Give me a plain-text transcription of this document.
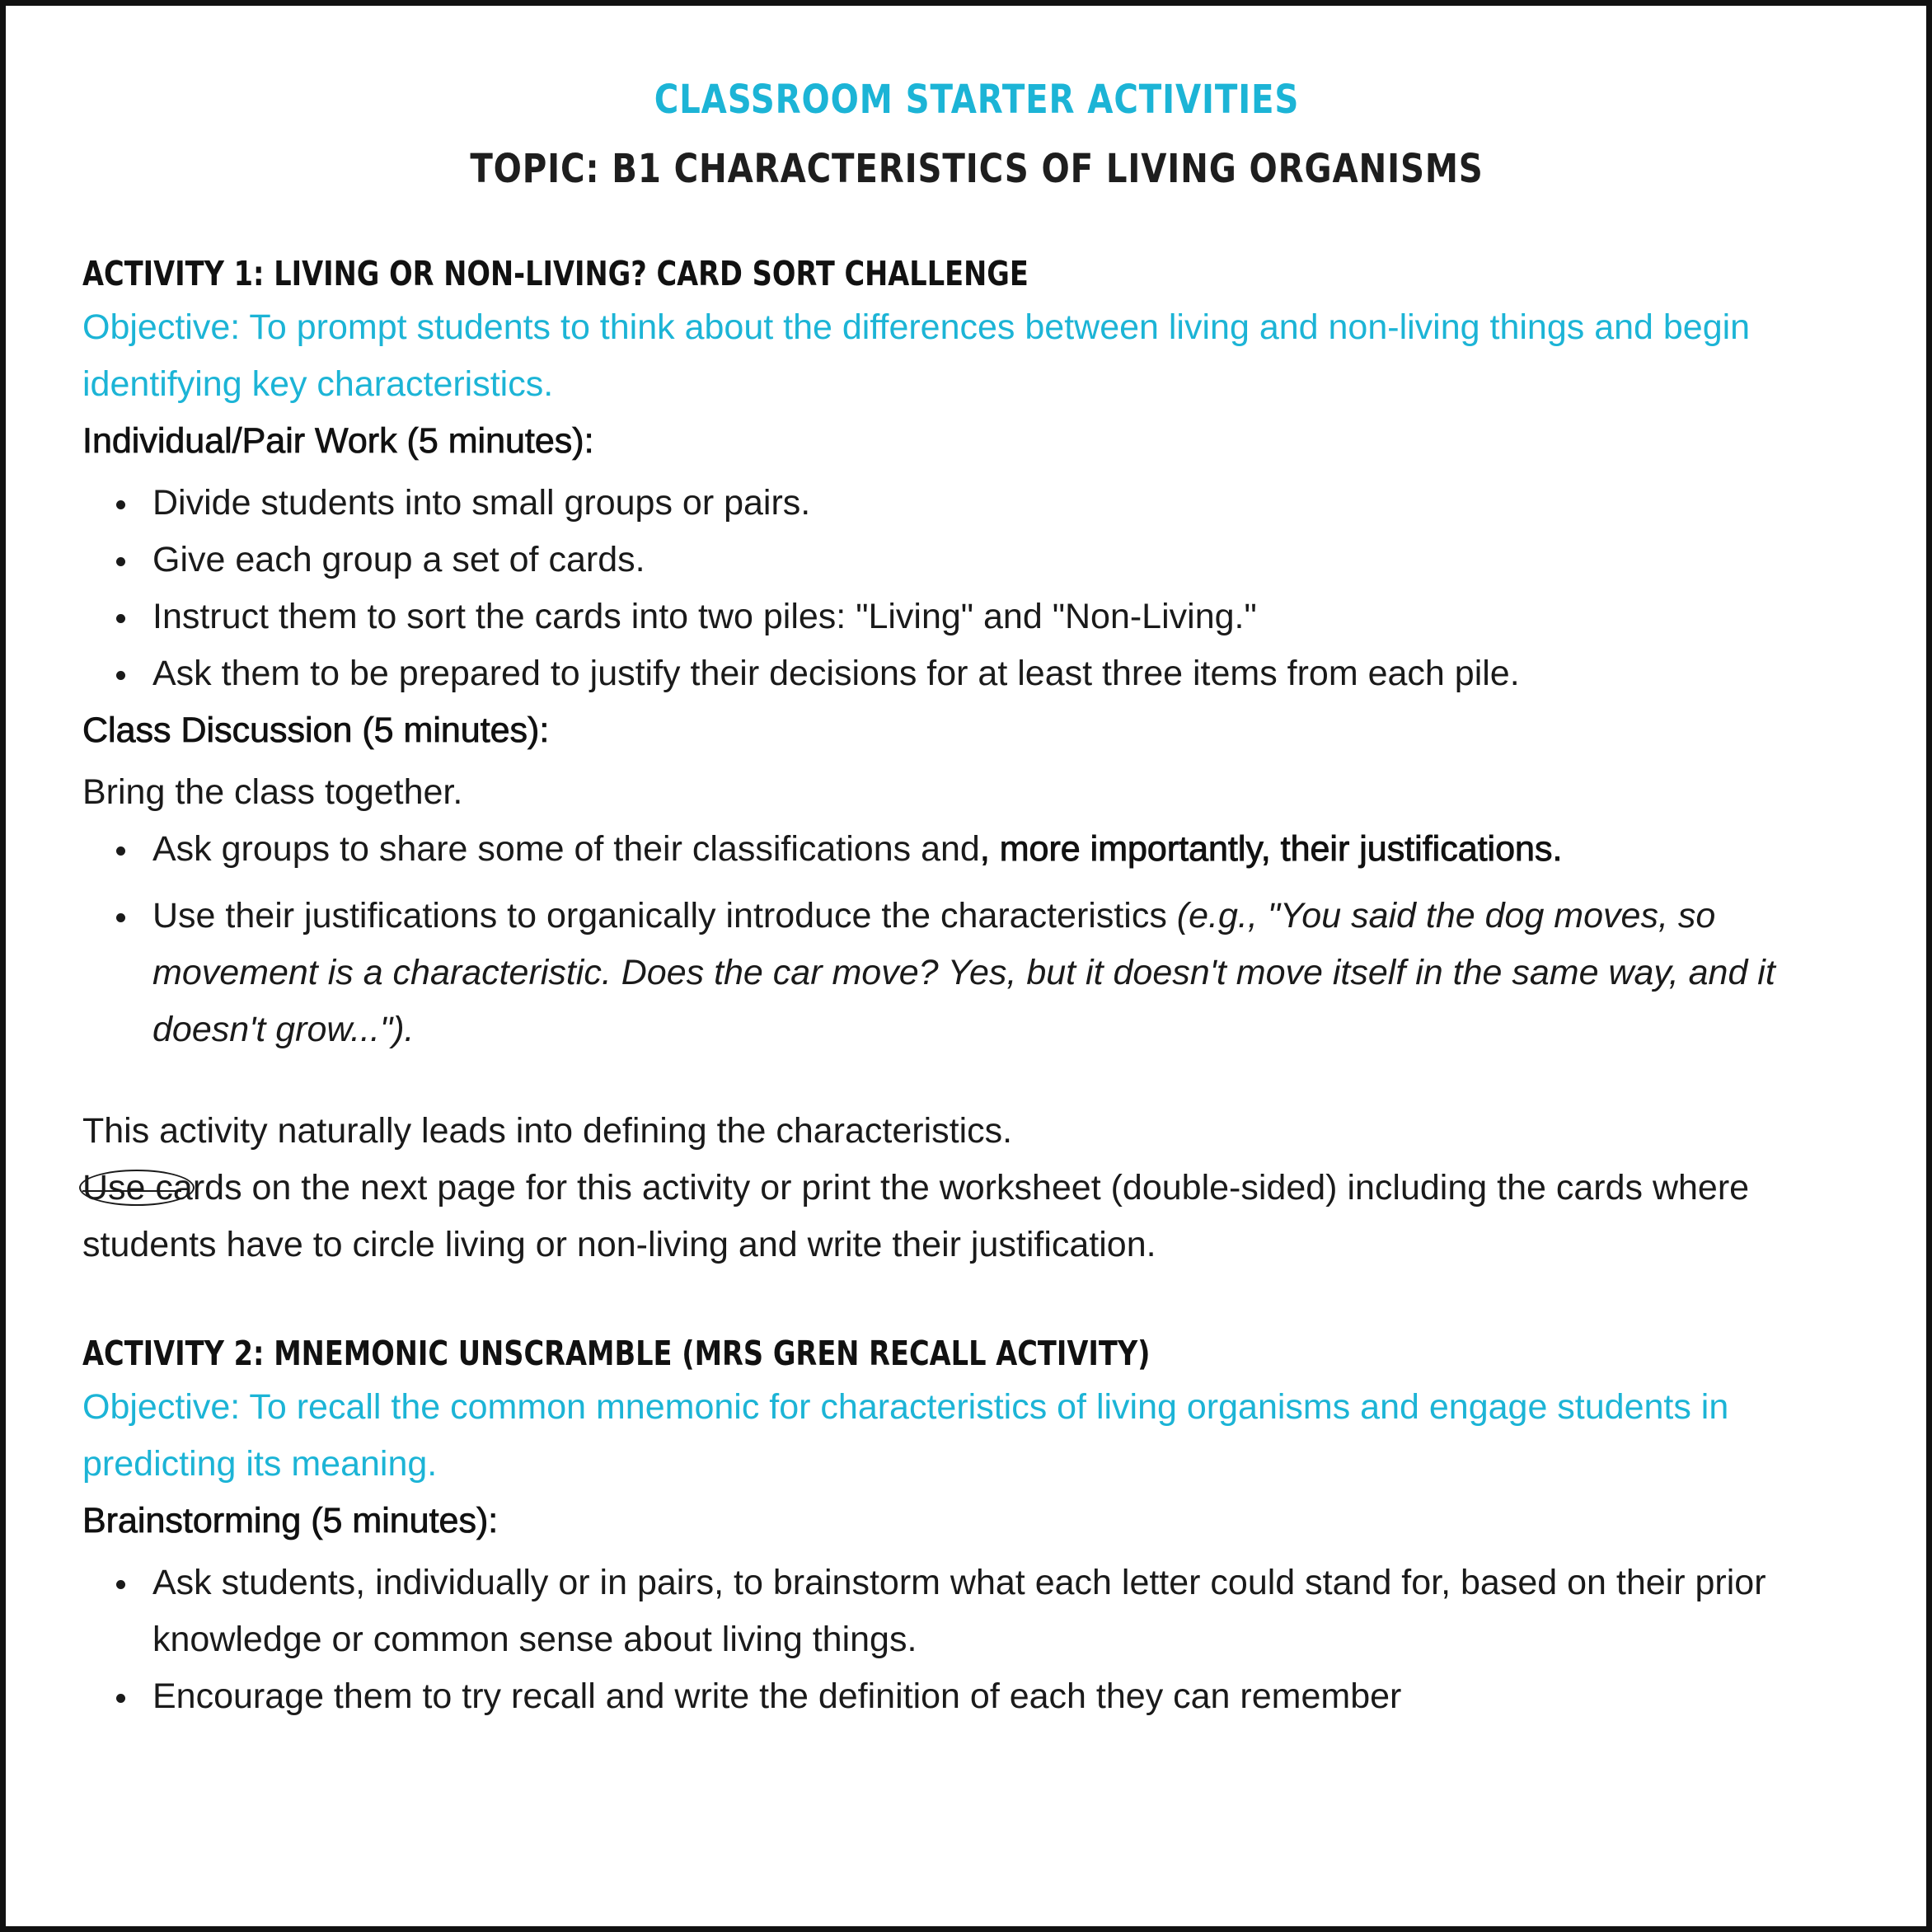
CLASSROOM STARTER ACTIVITIES
TOPIC: B1 CHARACTERISTICS OF LIVING ORGANISMS
ACTIVITY 1: LIVING OR NON-LIVING? CARD SORT CHALLENGE

Objective: To prompt students to think about the differences between living and non-living things and begin identifying key characteristics.

Individual/Pair Work (5 minutes):

Divide students into small groups or pairs.
Give each group a set of cards.
Instruct them to sort the cards into two piles: "Living" and "Non-Living."
Ask them to be prepared to justify their decisions for at least three items from each pile.

Class Discussion (5 minutes):

Bring the class together.

Ask groups to share some of their classifications and, more importantly, their justifications.
Use their justifications to organically introduce the characteristics (e.g., "You said the dog moves, so movement is a characteristic. Does the car move? Yes, but it doesn't move itself in the same way, and it doesn't grow...").

This activity naturally leads into defining the characteristics.

Use c
ards on the next page for this activity or print the worksheet (double-sided) including the cards where students have to circle living or non-living and write their justification.

ACTIVITY 2: MNEMONIC UNSCRAMBLE (MRS GREN RECALL ACTIVITY)

Objective: To recall the common mnemonic for characteristics of living organisms and engage students in predicting its meaning.

Brainstorming (5 minutes):

Ask students, individually or in pairs, to brainstorm what each letter could stand for, based on their prior knowledge or common sense about living things.
Encourage them to try recall and write the definition of each they can remember
